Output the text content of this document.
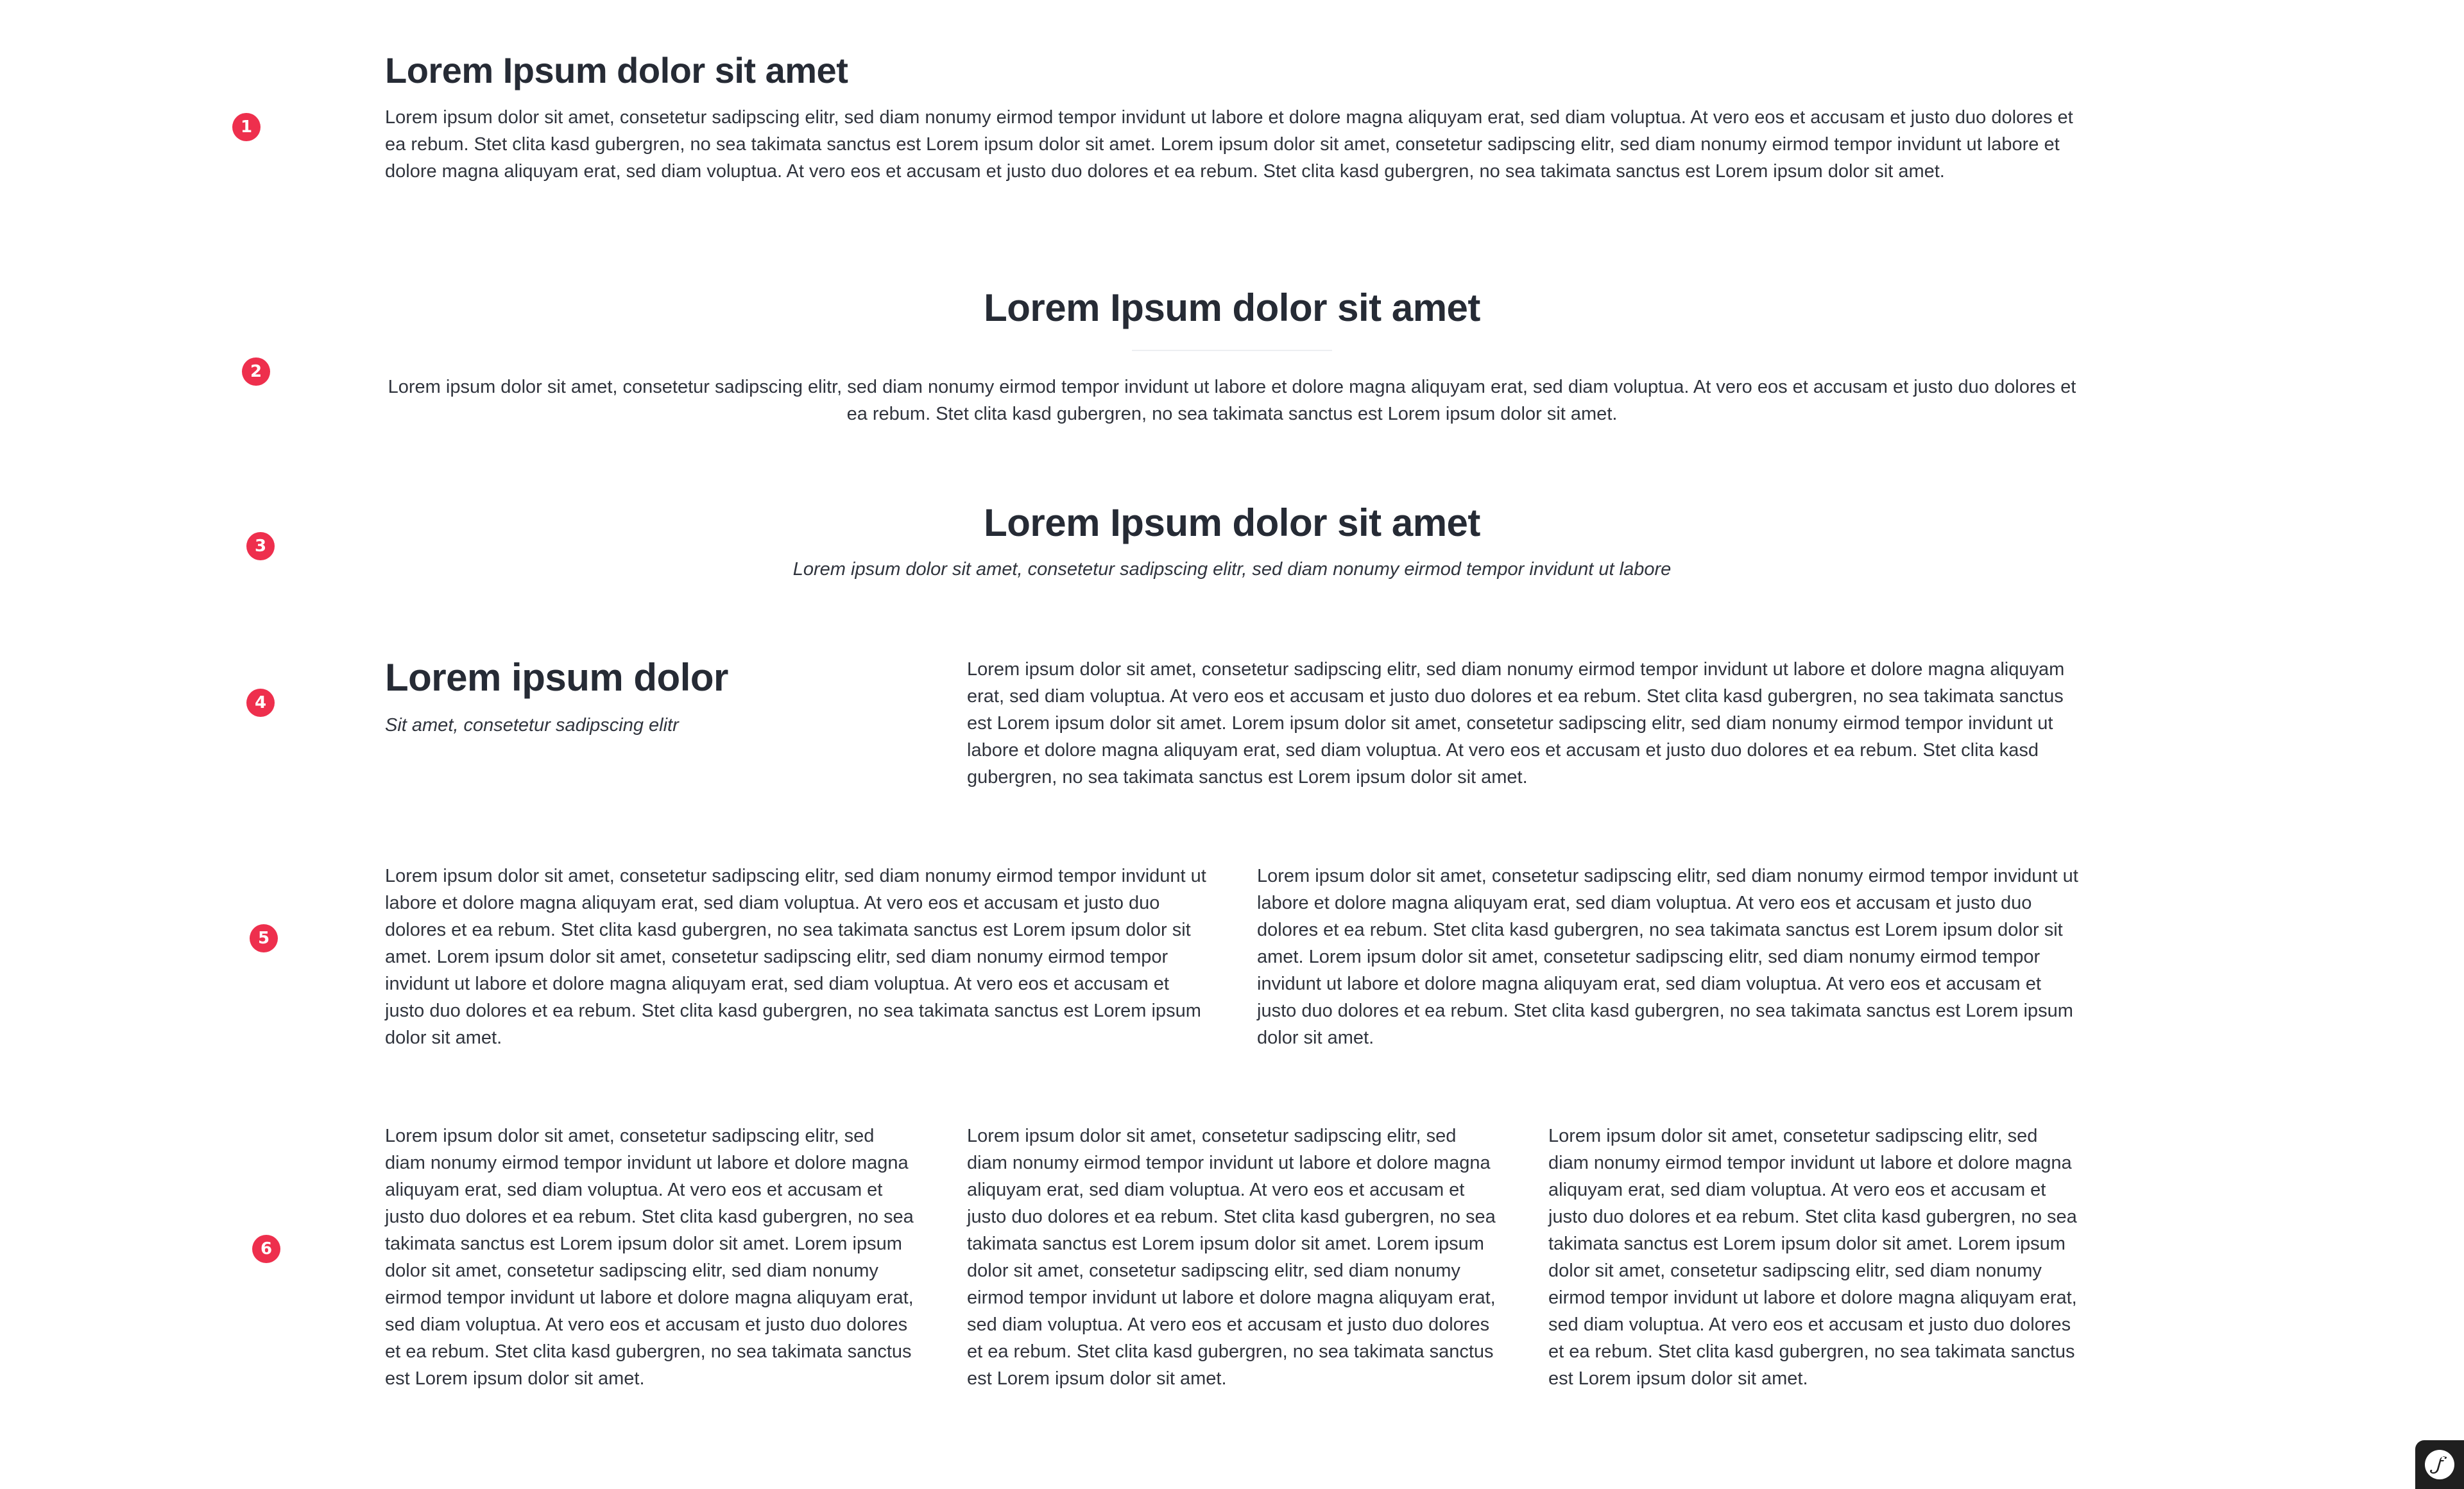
1
2
3
4
5
6
Lorem Ipsum dolor sit amet

Lorem ipsum dolor sit amet, consetetur sadipscing elitr, sed diam nonumy eirmod tempor invidunt ut labore et dolore magna aliquyam erat, sed diam voluptua. At vero eos et accusam et justo duo dolores et ea rebum. Stet clita kasd gubergren, no sea takimata sanctus est Lorem ipsum dolor sit amet. Lorem ipsum dolor sit amet, consetetur sadipscing elitr, sed diam nonumy eirmod tempor invidunt ut labore et dolore magna aliquyam erat, sed diam voluptua. At vero eos et accusam et justo duo dolores et ea rebum. Stet clita kasd gubergren, no sea takimata sanctus est Lorem ipsum dolor sit amet.

Lorem Ipsum dolor sit amet

Lorem ipsum dolor sit amet, consetetur sadipscing elitr, sed diam nonumy eirmod tempor invidunt ut labore et dolore magna aliquyam erat, sed diam voluptua. At vero eos et accusam et justo duo dolores et ea rebum. Stet clita kasd gubergren, no sea takimata sanctus est Lorem ipsum dolor sit amet.

Lorem Ipsum dolor sit amet

Lorem ipsum dolor sit amet, consetetur sadipscing elitr, sed diam nonumy eirmod tempor invidunt ut labore

Lorem ipsum dolor

Sit amet, consetetur sadipscing elitr

Lorem ipsum dolor sit amet, consetetur sadipscing elitr, sed diam nonumy eirmod tempor invidunt ut labore et dolore magna aliquyam erat, sed diam voluptua. At vero eos et accusam et justo duo dolores et ea rebum. Stet clita kasd gubergren, no sea takimata sanctus est Lorem ipsum dolor sit amet. Lorem ipsum dolor sit amet, consetetur sadipscing elitr, sed diam nonumy eirmod tempor invidunt ut labore et dolore magna aliquyam erat, sed diam voluptua. At vero eos et accusam et justo duo dolores et ea rebum. Stet clita kasd gubergren, no sea takimata sanctus est Lorem ipsum dolor sit amet.

Lorem ipsum dolor sit amet, consetetur sadipscing elitr, sed diam nonumy eirmod tempor invidunt ut labore et dolore magna aliquyam erat, sed diam voluptua. At vero eos et accusam et justo duo dolores et ea rebum. Stet clita kasd gubergren, no sea takimata sanctus est Lorem ipsum dolor sit amet. Lorem ipsum dolor sit amet, consetetur sadipscing elitr, sed diam nonumy eirmod tempor invidunt ut labore et dolore magna aliquyam erat, sed diam voluptua. At vero eos et accusam et justo duo dolores et ea rebum. Stet clita kasd gubergren, no sea takimata sanctus est Lorem ipsum dolor sit amet.

Lorem ipsum dolor sit amet, consetetur sadipscing elitr, sed diam nonumy eirmod tempor invidunt ut labore et dolore magna aliquyam erat, sed diam voluptua. At vero eos et accusam et justo duo dolores et ea rebum. Stet clita kasd gubergren, no sea takimata sanctus est Lorem ipsum dolor sit amet. Lorem ipsum dolor sit amet, consetetur sadipscing elitr, sed diam nonumy eirmod tempor invidunt ut labore et dolore magna aliquyam erat, sed diam voluptua. At vero eos et accusam et justo duo dolores et ea rebum. Stet clita kasd gubergren, no sea takimata sanctus est Lorem ipsum dolor sit amet.

Lorem ipsum dolor sit amet, consetetur sadipscing elitr, sed diam nonumy eirmod tempor invidunt ut labore et dolore magna aliquyam erat, sed diam voluptua. At vero eos et accusam et justo duo dolores et ea rebum. Stet clita kasd gubergren, no sea takimata sanctus est Lorem ipsum dolor sit amet. Lorem ipsum dolor sit amet, consetetur sadipscing elitr, sed diam nonumy eirmod tempor invidunt ut labore et dolore magna aliquyam erat, sed diam voluptua. At vero eos et accusam et justo duo dolores et ea rebum. Stet clita kasd gubergren, no sea takimata sanctus est Lorem ipsum dolor sit amet.

Lorem ipsum dolor sit amet, consetetur sadipscing elitr, sed diam nonumy eirmod tempor invidunt ut labore et dolore magna aliquyam erat, sed diam voluptua. At vero eos et accusam et justo duo dolores et ea rebum. Stet clita kasd gubergren, no sea takimata sanctus est Lorem ipsum dolor sit amet. Lorem ipsum dolor sit amet, consetetur sadipscing elitr, sed diam nonumy eirmod tempor invidunt ut labore et dolore magna aliquyam erat, sed diam voluptua. At vero eos et accusam et justo duo dolores et ea rebum. Stet clita kasd gubergren, no sea takimata sanctus est Lorem ipsum dolor sit amet.

Lorem ipsum dolor sit amet, consetetur sadipscing elitr, sed diam nonumy eirmod tempor invidunt ut labore et dolore magna aliquyam erat, sed diam voluptua. At vero eos et accusam et justo duo dolores et ea rebum. Stet clita kasd gubergren, no sea takimata sanctus est Lorem ipsum dolor sit amet. Lorem ipsum dolor sit amet, consetetur sadipscing elitr, sed diam nonumy eirmod tempor invidunt ut labore et dolore magna aliquyam erat, sed diam voluptua. At vero eos et accusam et justo duo dolores et ea rebum. Stet clita kasd gubergren, no sea takimata sanctus est Lorem ipsum dolor sit amet.
